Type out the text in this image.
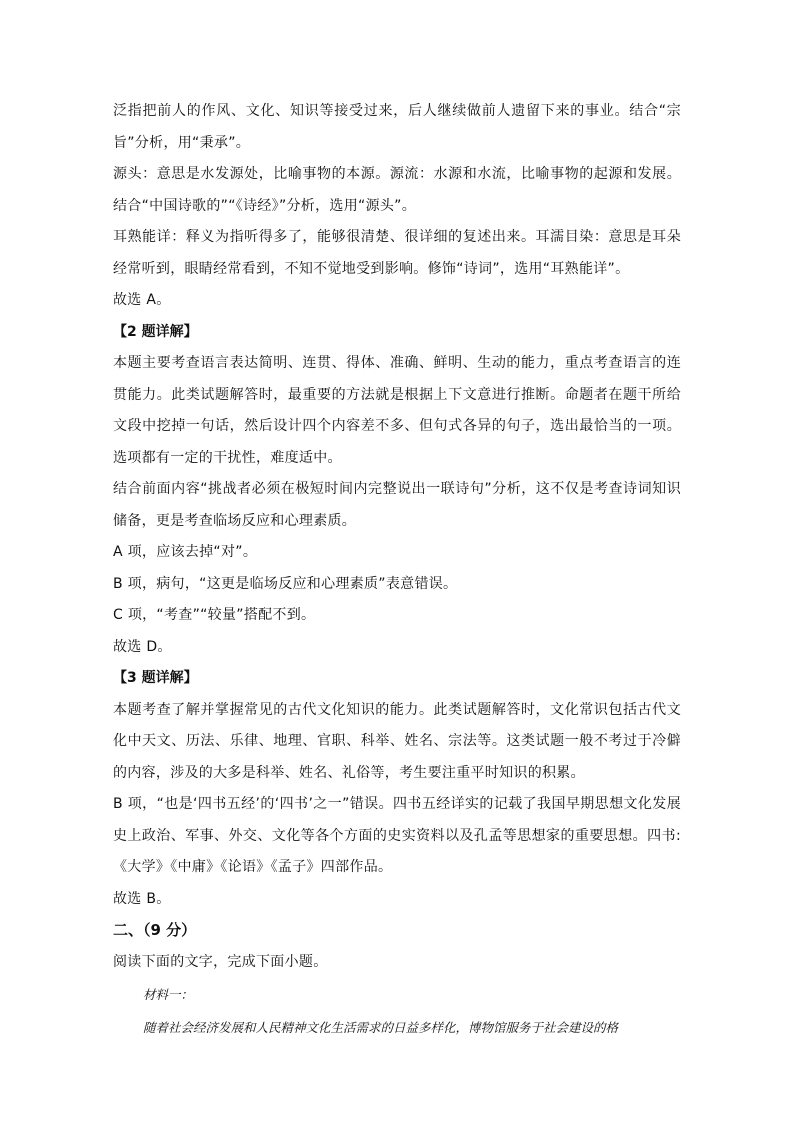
泛指把前人的作风、文化、知识等接受过来，后人继续做前人遗留下来的事业。结合“宗旨”分析，用“秉承”。

源头：意思是水发源处，比喻事物的本源。源流：水源和水流，比喻事物的起源和发展。结合“中国诗歌的”“《诗经》”分析，选用“源头”。

耳熟能详：释义为指听得多了，能够很清楚、很详细的复述出来。耳濡目染：意思是耳朵经常听到，眼睛经常看到，不知不觉地受到影响。修饰“诗词”，选用“耳熟能详”。

故选 A。

【2 题详解】

本题主要考查语言表达简明、连贯、得体、准确、鲜明、生动的能力，重点考查语言的连贯能力。此类试题解答时，最重要的方法就是根据上下文意进行推断。命题者在题干所给文段中挖掉一句话，然后设计四个内容差不多、但句式各异的句子，选出最恰当的一项。选项都有一定的干扰性，难度适中。

结合前面内容“挑战者必须在极短时间内完整说出一联诗句”分析，这不仅是考查诗词知识储备，更是考查临场反应和心理素质。

A 项，应该去掉“对”。

B 项，病句，“这更是临场反应和心理素质”表意错误。

C 项，“考查”“较量”搭配不到。

故选 D。

【3 题详解】

本题考查了解并掌握常见的古代文化知识的能力。此类试题解答时，文化常识包括古代文化中天文、历法、乐律、地理、官职、科举、姓名、宗法等。这类试题一般不考过于冷僻的内容，涉及的大多是科举、姓名、礼俗等，考生要注重平时知识的积累。

B 项，“也是‘四书五经’的‘四书’之一”错误。四书五经详实的记载了我国早期思想文化发展史上政治、军事、外交、文化等各个方面的史实资料以及孔孟等思想家的重要思想。四书:《大学》《中庸》《论语》《孟子》四部作品。

故选 B。

二、（9 分）

阅读下面的文字，完成下面小题。

材料一：

随着社会经济发展和人民精神文化生活需求的日益多样化，博物馆服务于社会建设的格
